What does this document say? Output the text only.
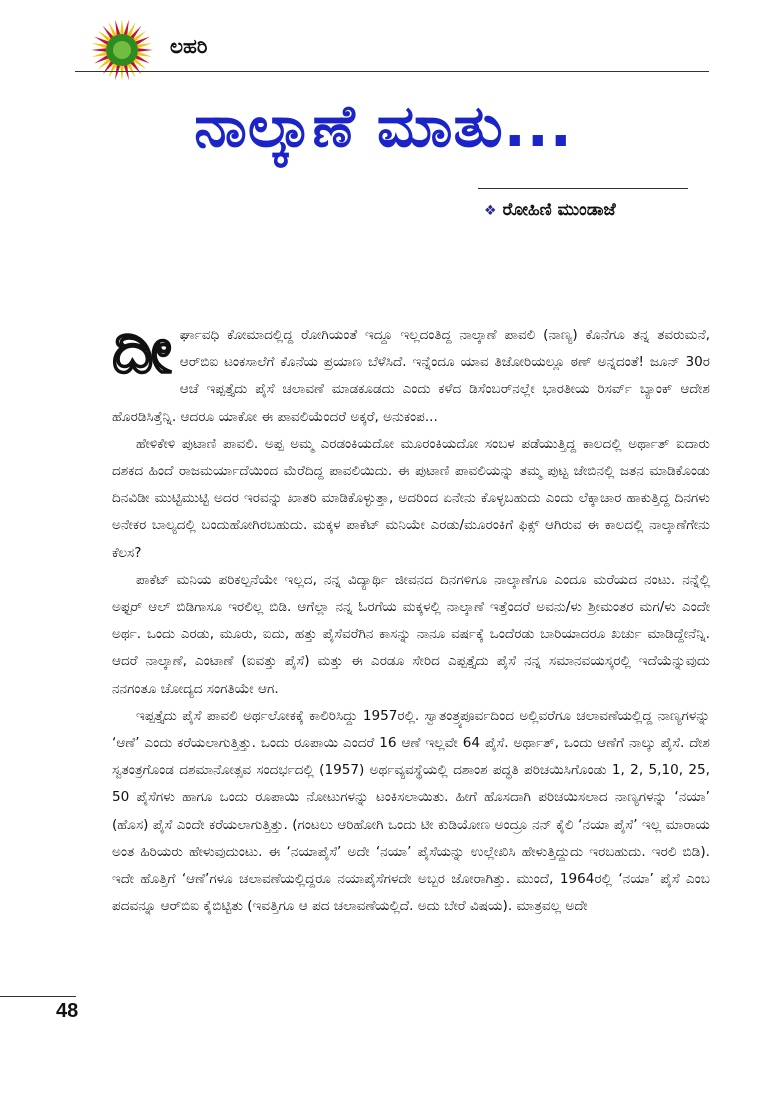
ಲಹರಿ
ನಾಲ್ಕಾಣೆ ಮಾತು...
❖ ರೋಹಿಣಿ ಮುಂಡಾಜೆ

ದೀರ್ಘಾವಧಿ ಕೋಮಾದಲ್ಲಿದ್ದ ರೋಗಿಯಂತೆ ಇದ್ದೂ ಇಲ್ಲದಂತಿದ್ದ ನಾಲ್ಕಾಣೆ ಪಾವಲಿ (ನಾಣ್ಯ) ಕೊನೆಗೂ ತನ್ನ ತವರುಮನೆ, ಆರ್‌ಬಿಐ ಟಂಕಸಾಲೆಗೆ ಕೊನೆಯ ಪ್ರಯಾಣ ಬೆಳೆಸಿದೆ. ಇನ್ನೆಂದೂ ಯಾವ ತಿಜೋರಿಯಲ್ಲೂ ಠಣ್ ಅನ್ನದಂತೆ! ಜೂನ್ 30ರ ಆಚೆ ಇಪ್ಪತ್ತೈದು ಪೈಸೆ ಚಲಾವಣೆ ಮಾಡಕೂಡದು ಎಂದು ಕಳೆದ ಡಿಸೆಂಬರ್‌ನಲ್ಲೇ ಭಾರತೀಯ ರಿಸರ್ವ್ ಬ್ಯಾಂಕ್ ಆದೇಶ ಹೊರಡಿಸಿತ್ತೆನ್ನಿ. ಆದರೂ ಯಾಕೋ ಈ ಪಾವಲಿಯೆಂದರೆ ಅಕ್ಕರೆ, ಅನುಕಂಪ...

ಹೇಳಿಕೇಳಿ ಪುಟಾಣಿ ಪಾವಲಿ. ಅಪ್ಪ ಅಮ್ಮ ಎರಡಂಕಿಯದೋ ಮೂರಂಕಿಯದೋ ಸಂಬಳ ಪಡೆಯುತ್ತಿದ್ದ ಕಾಲದಲ್ಲಿ ಅರ್ಥಾತ್ ಐದಾರು ದಶಕದ ಹಿಂದೆ ರಾಜಮರ್ಯಾದೆಯಿಂದ ಮೆರೆದಿದ್ದ ಪಾವಲಿಯಿದು. ಈ ಪುಟಾಣಿ ಪಾವಲಿಯನ್ನು ತಮ್ಮ ಪುಟ್ಟ ಜೇಬಿನಲ್ಲಿ ಜತನ ಮಾಡಿಕೊಂಡು ದಿನವಿಡೀ ಮುಟ್ಟಿಮುಟ್ಟಿ ಅದರ ಇರವನ್ನು ಖಾತರಿ ಮಾಡಿಕೊಳ್ಳುತ್ತಾ, ಅದರಿಂದ ಏನೇನು ಕೊಳ್ಳಬಹುದು ಎಂದು ಲೆಕ್ಕಾಚಾರ ಹಾಕುತ್ತಿದ್ದ ದಿನಗಳು ಅನೇಕರ ಬಾಲ್ಯದಲ್ಲಿ ಬಂದುಹೋಗಿರಬಹುದು. ಮಕ್ಕಳ ಪಾಕೆಟ್ ಮನಿಯೇ ಎರಡು/ಮೂರಂಕಿಗೆ ಫಿಕ್ಸ್ ಆಗಿರುವ ಈ ಕಾಲದಲ್ಲಿ ನಾಲ್ಕಾಣೆಗೇನು ಕೆಲಸ?

ಪಾಕೆಟ್ ಮನಿಯ ಪರಿಕಲ್ಪನೆಯೇ ಇಲ್ಲದ, ನನ್ನ ವಿದ್ಯಾರ್ಥಿ ಜೀವನದ ದಿನಗಳಿಗೂ ನಾಲ್ಕಾಣೆಗೂ ಎಂದೂ ಮರೆಯದ ನಂಟು. ನನ್ನೆಲ್ಲಿ ಅಫ್ಟರ್ ಆಲ್ ಬಿಡಿಗಾಸೂ ಇರಲಿಲ್ಲ ಬಿಡಿ. ಆಗೆಲ್ಲಾ ನನ್ನ ಓರಗೆಯ ಮಕ್ಕಳಲ್ಲಿ ನಾಲ್ಕಾಣೆ ಇತ್ತೆಂದರೆ ಅವನು/ಳು ಶ್ರೀಮಂತರ ಮಗ/ಳು ಎಂದೇ ಅರ್ಥ. ಒಂದು ಎರಡು, ಮೂರು, ಐದು, ಹತ್ತು ಪೈಸೆವರೆಗಿನ ಕಾಸನ್ನು ನಾನೂ ವರ್ಷಕ್ಕೆ ಒಂದೆರಡು ಬಾರಿಯಾದರೂ ಖರ್ಚು ಮಾಡಿದ್ದೇನೆನ್ನಿ. ಆದರೆ ನಾಲ್ಕಾಣೆ, ಎಂಟಾಣೆ (ಐವತ್ತು ಪೈಸೆ) ಮತ್ತು ಈ ಎರಡೂ ಸೇರಿದ ಎಪ್ಪತ್ತೈದು ಪೈಸೆ ನನ್ನ ಸಮಾನವಯಸ್ಕರಲ್ಲಿ ಇದೆಯೆನ್ನುವುದು ನನಗಂತೂ ಚೋದ್ಯದ ಸಂಗತಿಯೇ ಆಗ.

ಇಪ್ಪತ್ತೈದು ಪೈಸೆ ಪಾವಲಿ ಅರ್ಥಲೋಕಕ್ಕೆ ಕಾಲಿರಿಸಿದ್ದು 1957ರಲ್ಲಿ. ಸ್ವಾತಂತ್ರ್ಯಪೂರ್ವದಿಂದ ಅಲ್ಲಿವರೆಗೂ ಚಲಾವಣೆಯಲ್ಲಿದ್ದ ನಾಣ್ಯಗಳನ್ನು ‘ಆಣೆ’ ಎಂದು ಕರೆಯಲಾಗುತ್ತಿತ್ತು. ಒಂದು ರೂಪಾಯಿ ಎಂದರೆ 16 ಆಣೆ ಇಲ್ಲವೇ 64 ಪೈಸೆ. ಅರ್ಥಾತ್, ಒಂದು ಆಣೆಗೆ ನಾಲ್ಕು ಪೈಸೆ. ದೇಶ ಸ್ವತಂತ್ರಗೊಂಡ ದಶಮಾನೋತ್ಸವ ಸಂದರ್ಭದಲ್ಲಿ (1957) ಅರ್ಥವ್ಯವಸ್ಥೆಯಲ್ಲಿ ದಶಾಂಶ ಪದ್ಧತಿ ಪರಿಚಯಿಸಿಗೊಂಡು 1, 2, 5,10, 25, 50 ಪೈಸೆಗಳು ಹಾಗೂ ಒಂದು ರೂಪಾಯಿ ನೋಟುಗಳನ್ನು ಟಂಕಿಸಲಾಯಿತು. ಹೀಗೆ ಹೊಸದಾಗಿ ಪರಿಚಯಿಸಲಾದ ನಾಣ್ಯಗಳನ್ನು ‘ನಯಾ’ (ಹೊಸ) ಪೈಸೆ ಎಂದೇ ಕರೆಯಲಾಗುತ್ತಿತ್ತು. (ಗಂಟಲು ಆರಿಹೋಗಿ ಒಂದು ಟೀ ಕುಡಿಯೋಣ ಅಂದ್ರೂ ನನ್ ಕೈಲಿ ‘ನಯಾ ಪೈಸೆ’ ಇಲ್ಲ ಮಾರಾಯ ಅಂತ ಹಿರಿಯರು ಹೇಳುವುದುಂಟು. ಈ ‘ನಯಾಪೈಸೆ’ ಅದೇ ‘ನಯಾ’ ಪೈಸೆಯನ್ನು ಉಲ್ಲೇಖಿಸಿ ಹೇಳುತ್ತಿದ್ದುದು ಇರಬಹುದು. ಇರಲಿ ಬಿಡಿ). ಇದೇ ಹೊತ್ತಿಗೆ ‘ಆಣೆ’ಗಳೂ ಚಲಾವಣೆಯಲ್ಲಿದ್ದರೂ ನಯಾಪೈಸೆಗಳದೇ ಅಬ್ಬರ ಜೋರಾಗಿತ್ತು. ಮುಂದೆ, 1964ರಲ್ಲಿ ‘ನಯಾ’ ಪೈಸೆ ಎಂಬ ಪದವನ್ನೂ ಆರ್‌ಬಿಐ ಕೈಬಿಟ್ಟಿತು (ಇವತ್ತಿಗೂ ಆ ಪದ ಚಲಾವಣೆಯಲ್ಲಿದೆ. ಅದು ಬೇರೆ ವಿಷಯ). ಮಾತ್ರವಲ್ಲ ಅದೇ

48
